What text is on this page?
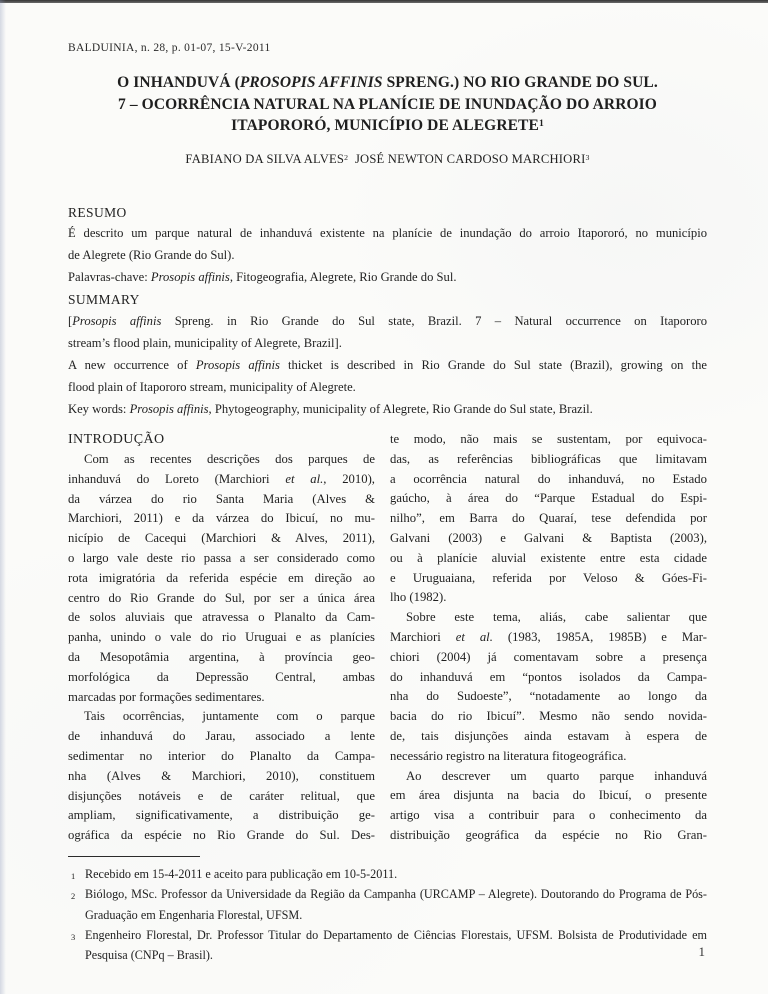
BALDUINIA, n. 28, p. 01-07, 15-V-2011
O INHANDUVÁ (PROSOPIS AFFINIS SPRENG.) NO RIO GRANDE DO SUL.
7 – OCORRÊNCIA NATURAL NA PLANÍCIE DE INUNDAÇÃO DO ARROIO
ITAPORORÓ, MUNICÍPIO DE ALEGRETE$^1$
FABIANO DA SILVA ALVES$^2$  JOSÉ NEWTON CARDOSO MARCHIORI$^3$
RESUMO
É descrito um parque natural de inhanduvá existente na planície de inundação do arroio Itapororó, no município
de Alegrete (Rio Grande do Sul).
Palavras-chave: Prosopis affinis, Fitogeografia, Alegrete, Rio Grande do Sul.
SUMMARY
[Prosopis affinis Spreng. in Rio Grande do Sul state, Brazil. 7 – Natural occurrence on Itapororo
stream’s flood plain, municipality of Alegrete, Brazil].
A new occurrence of Prosopis affinis thicket is described in Rio Grande do Sul state (Brazil), growing on the
flood plain of Itapororo stream, municipality of Alegrete.
Key words: Prosopis affinis, Phytogeography, municipality of Alegrete, Rio Grande do Sul state, Brazil.
INTRODUÇÃO
Com as recentes descrições dos parques de
inhanduvá do Loreto (Marchiori et al., 2010),
da várzea do rio Santa Maria (Alves &
Marchiori, 2011) e da várzea do Ibicuí, no mu-
nicípio de Cacequi (Marchiori & Alves, 2011),
o largo vale deste rio passa a ser considerado como
rota imigratória da referida espécie em direção ao
centro do Rio Grande do Sul, por ser a única área
de solos aluviais que atravessa o Planalto da Cam-
panha, unindo o vale do rio Uruguai e as planícies
da Mesopotâmia argentina, à província geo-
morfológica da Depressão Central, ambas
marcadas por formações sedimentares.
Tais ocorrências, juntamente com o parque
de inhanduvá do Jarau, associado a lente
sedimentar no interior do Planalto da Campa-
nha (Alves & Marchiori, 2010), constituem
disjunções notáveis e de caráter relitual, que
ampliam, significativamente, a distribuição ge-
ográfica da espécie no Rio Grande do Sul. Des-
te modo, não mais se sustentam, por equivoca-
das, as referências bibliográficas que limitavam
a ocorrência natural do inhanduvá, no Estado
gaúcho, à área do “Parque Estadual do Espi-
nilho”, em Barra do Quaraí, tese defendida por
Galvani (2003) e Galvani & Baptista (2003),
ou à planície aluvial existente entre esta cidade
e Uruguaiana, referida por Veloso & Góes-Fi-
lho (1982).
Sobre este tema, aliás, cabe salientar que
Marchiori et al. (1983, 1985A, 1985B) e Mar-
chiori (2004) já comentavam sobre a presença
do inhanduvá em “pontos isolados da Campa-
nha do Sudoeste”, “notadamente ao longo da
bacia do rio Ibicuí”. Mesmo não sendo novida-
de, tais disjunções ainda estavam à espera de
necessário registro na literatura fitogeográfica.
Ao descrever um quarto parque inhanduvá
em área disjunta na bacia do Ibicuí, o presente
artigo visa a contribuir para o conhecimento da
distribuição geográfica da espécie no Rio Gran-
1 Recebido em 15-4-2011 e aceito para publicação em 10-5-2011.
2 Biólogo, MSc. Professor da Universidade da Região da Campanha (URCAMP – Alegrete). Doutorando do Programa de Pós-Graduação em Engenharia Florestal, UFSM.
3 Engenheiro Florestal, Dr. Professor Titular do Departamento de Ciências Florestais, UFSM. Bolsista de Produtividade em Pesquisa (CNPq – Brasil).	1
